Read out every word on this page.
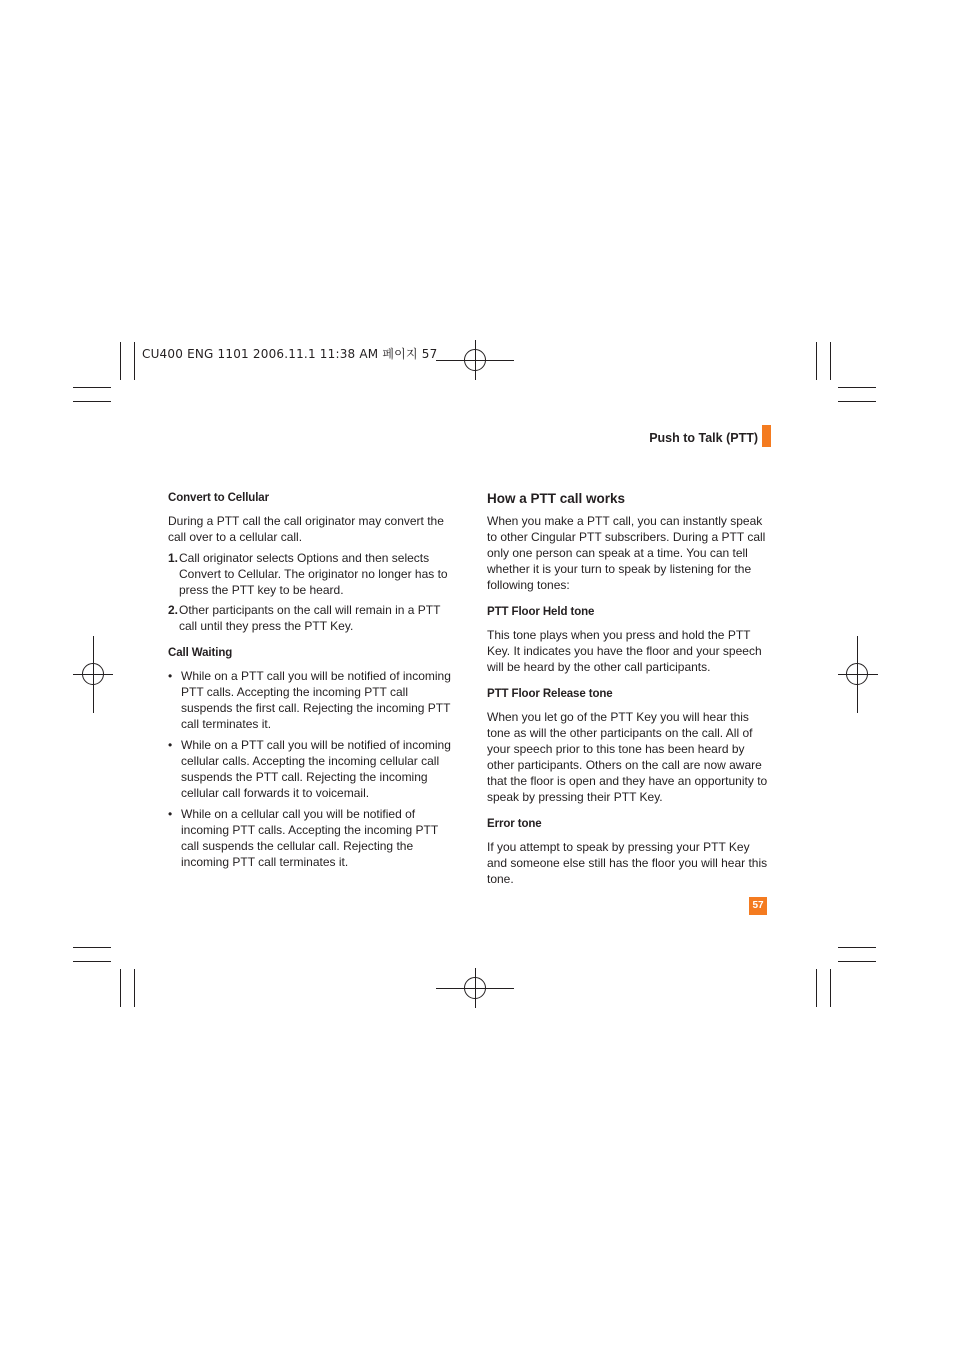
CU400 ENG 1101 2006.11.1 11:38 AM 페이지 57
Push to Talk (PTT)
Convert to Cellular

During a PTT call the call originator may convert the call over to a cellular call.

1. Call originator selects Options and then selects Convert to Cellular. The originator no longer has to press the PTT key to be heard.
2. Other participants on the call will remain in a PTT call until they press the PTT Key.
Call Waiting
• While on a PTT call you will be notified of incoming PTT calls. Accepting the incoming PTT call suspends the first call. Rejecting the incoming PTT call terminates it.
• While on a PTT call you will be notified of incoming cellular calls. Accepting the incoming cellular call suspends the PTT call. Rejecting the incoming cellular call forwards it to voicemail.
• While on a cellular call you will be notified of incoming PTT calls. Accepting the incoming PTT call suspends the cellular call. Rejecting the incoming PTT call terminates it.
How a PTT call works

When you make a PTT call, you can instantly speak to other Cingular PTT subscribers. During a PTT call only one person can speak at a time. You can tell whether it is your turn to speak by listening for the following tones:

PTT Floor Held tone

This tone plays when you press and hold the PTT Key. It indicates you have the floor and your speech will be heard by the other call participants.

PTT Floor Release tone

When you let go of the PTT Key you will hear this tone as will the other participants on the call. All of your speech prior to this tone has been heard by other participants. Others on the call are now aware that the floor is open and they have an opportunity to speak by pressing their PTT Key.

Error tone

If you attempt to speak by pressing your PTT Key and someone else still has the floor you will hear this tone.

57
